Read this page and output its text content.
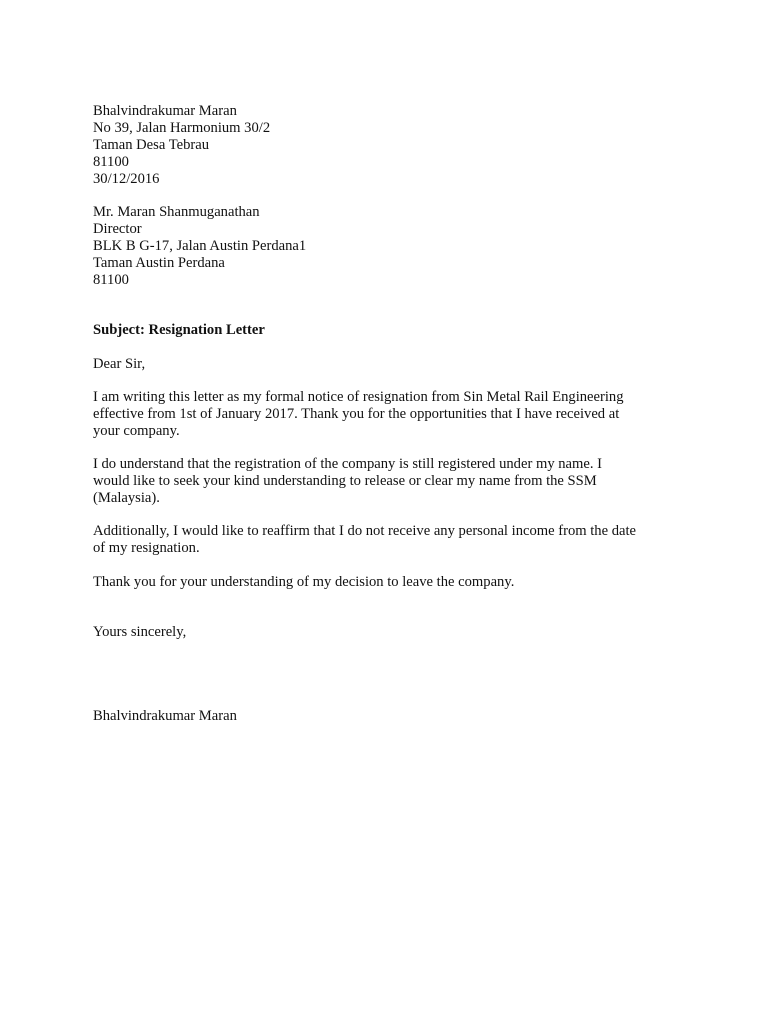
Bhalvindrakumar Maran
No 39, Jalan Harmonium 30/2
Taman Desa Tebrau
81100
30/12/2016
Mr. Maran Shanmuganathan
Director
BLK B G-17, Jalan Austin Perdana1
Taman Austin Perdana
81100
Subject: Resignation Letter
Dear Sir,
I am writing this letter as my formal notice of resignation from Sin Metal Rail Engineering
effective from 1st of January 2017. Thank you for the opportunities that I have received at
your company.
I do understand that the registration of the company is still registered under my name. I
would like to seek your kind understanding to release or clear my name from the SSM
(Malaysia).
Additionally, I would like to reaffirm that I do not receive any personal income from the date
of my resignation.
Thank you for your understanding of my decision to leave the company.
Yours sincerely,
Bhalvindrakumar Maran
